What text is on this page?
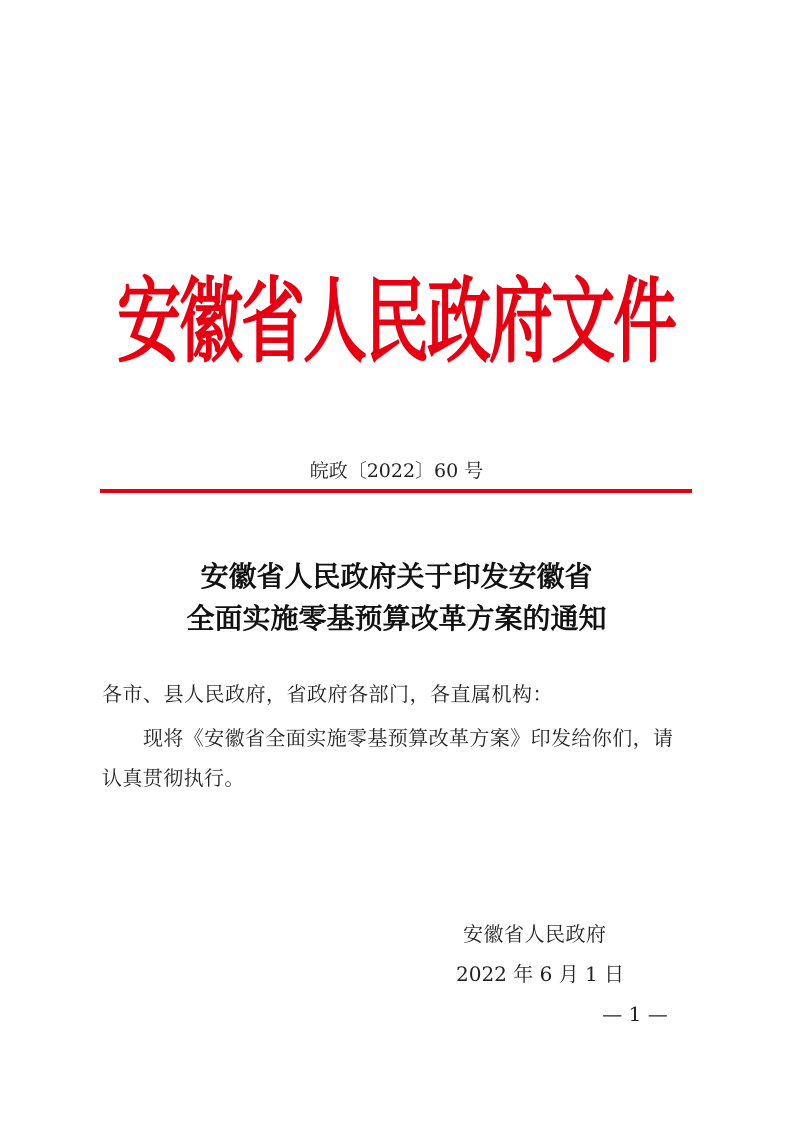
安徽省人民政府文件
皖政〔2022〕60 号
安徽省人民政府关于印发安徽省
全面实施零基预算改革方案的通知
各市、县人民政府，省政府各部门，各直属机构：
现将《安徽省全面实施零基预算改革方案》印发给你们，请
认真贯彻执行。
安徽省人民政府
2022 年 6 月 1 日
— 1 —
